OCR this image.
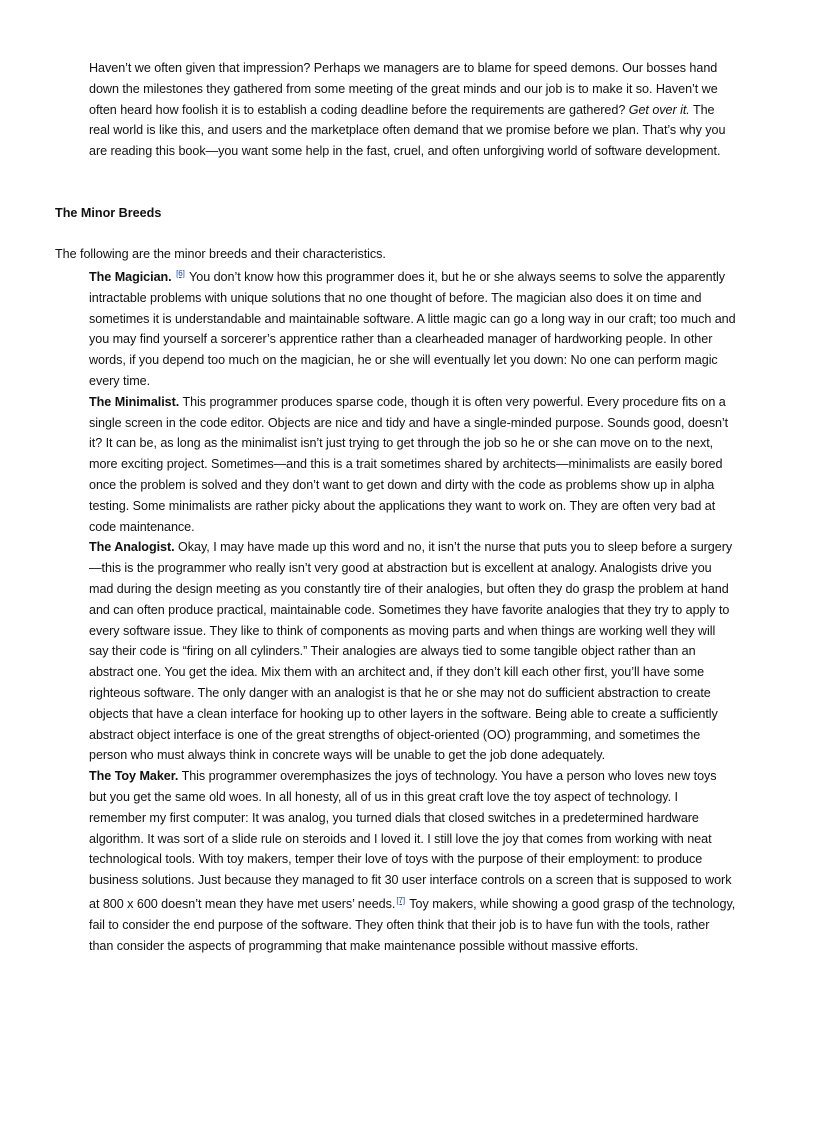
Haven’t we often given that impression? Perhaps we managers are to blame for speed demons. Our bosses hand down the milestones they gathered from some meeting of the great minds and our job is to make it so. Haven’t we often heard how foolish it is to establish a coding deadline before the requirements are gathered? Get over it. The real world is like this, and users and the marketplace often demand that we promise before we plan. That’s why you are reading this book—you want some help in the fast, cruel, and often unforgiving world of software development.

The Minor Breeds

The following are the minor breeds and their characteristics.

The Magician. [6] You don’t know how this programmer does it, but he or she always seems to solve the apparently intractable problems with unique solutions that no one thought of before. The magician also does it on time and sometimes it is understandable and maintainable software. A little magic can go a long way in our craft; too much and you may find yourself a sorcerer’s apprentice rather than a clearheaded manager of hardworking people. In other words, if you depend too much on the magician, he or she will eventually let you down: No one can perform magic every time.

The Minimalist. This programmer produces sparse code, though it is often very powerful. Every procedure fits on a single screen in the code editor. Objects are nice and tidy and have a single-minded purpose. Sounds good, doesn’t it? It can be, as long as the minimalist isn’t just trying to get through the job so he or she can move on to the next, more exciting project. Sometimes—and this is a trait sometimes shared by architects—minimalists are easily bored once the problem is solved and they don’t want to get down and dirty with the code as problems show up in alpha testing. Some minimalists are rather picky about the applications they want to work on. They are often very bad at code maintenance.

The Analogist. Okay, I may have made up this word and no, it isn’t the nurse that puts you to sleep before a surgery—this is the programmer who really isn’t very good at abstraction but is excellent at analogy. Analogists drive you mad during the design meeting as you constantly tire of their analogies, but often they do grasp the problem at hand and can often produce practical, maintainable code. Sometimes they have favorite analogies that they try to apply to every software issue. They like to think of components as moving parts and when things are working well they will say their code is “firing on all cylinders.” Their analogies are always tied to some tangible object rather than an abstract one. You get the idea. Mix them with an architect and, if they don’t kill each other first, you’ll have some righteous software. The only danger with an analogist is that he or she may not do sufficient abstraction to create objects that have a clean interface for hooking up to other layers in the software. Being able to create a sufficiently abstract object interface is one of the great strengths of object-oriented (OO) programming, and sometimes the person who must always think in concrete ways will be unable to get the job done adequately.

The Toy Maker. This programmer overemphasizes the joys of technology. You have a person who loves new toys but you get the same old woes. In all honesty, all of us in this great craft love the toy aspect of technology. I remember my first computer: It was analog, you turned dials that closed switches in a predetermined hardware algorithm. It was sort of a slide rule on steroids and I loved it. I still love the joy that comes from working with neat technological tools. With toy makers, temper their love of toys with the purpose of their employment: to produce business solutions. Just because they managed to fit 30 user interface controls on a screen that is supposed to work at 800 x 600 doesn’t mean they have met users’ needs.[7] Toy makers, while showing a good grasp of the technology, fail to consider the end purpose of the software. They often think that their job is to have fun with the tools, rather than consider the aspects of programming that make maintenance possible without massive efforts.
